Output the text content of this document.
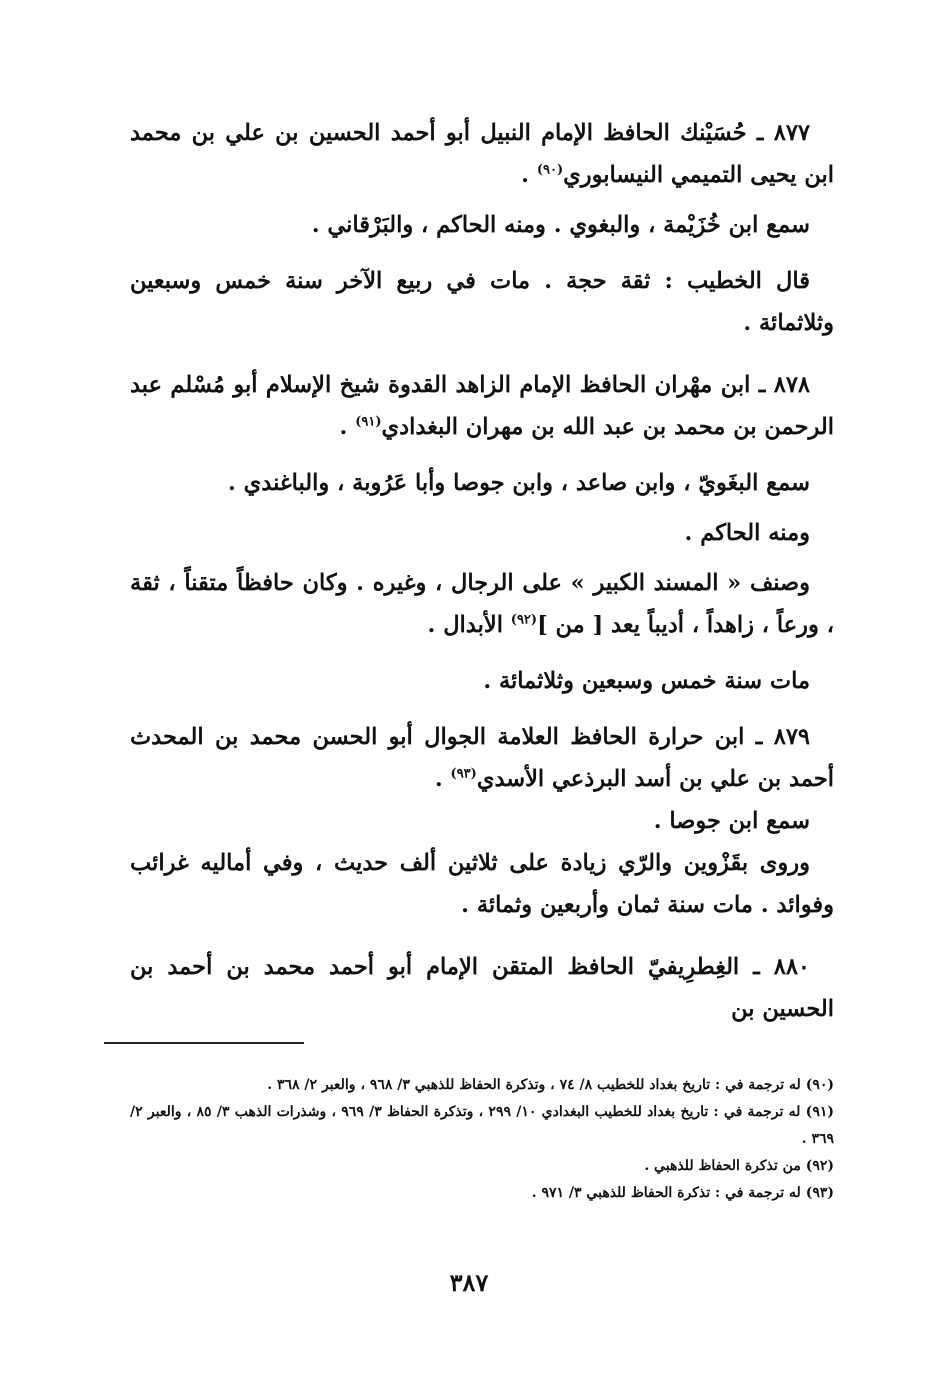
٨٧٧ ـ حُسَيْنك الحافظ الإمام النبيل أبو أحمد الحسين بن علي بن محمد ابن يحيى التميمي النيسابوري$^{(٩٠)}$ .

سمع ابن خُزَيْمة ، والبغوي . ومنه الحاكم ، والبَرْقاني .

قال الخطيب : ثقة حجة . مات في ربيع الآخر سنة خمس وسبعين وثلاثمائة .

٨٧٨ ـ ابن مهْران الحافظ الإمام الزاهد القدوة شيخ الإسلام أبو مُسْلم عبد الرحمن بن محمد بن عبد الله بن مهران البغدادي$^{(٩١)}$ .

سمع البغَويّ ، وابن صاعد ، وابن جوصا وأبا عَرُوبة ، والباغندي .

ومنه الحاكم .

وصنف « المسند الكبير » على الرجال ، وغيره . وكان حافظاً متقناً ، ثقة ، ورعاً ، زاهداً ، أديباً يعد [ من ]$^{(٩٢)}$ الأبدال .

مات سنة خمس وسبعين وثلاثمائة .

٨٧٩ ـ ابن حرارة الحافظ العلامة الجوال أبو الحسن محمد بن المحدث أحمد بن علي بن أسد البرذعي الأسدي$^{(٩٣)}$ .

سمع ابن جوصا .

وروى بقَزْوين والرّي زيادة على ثلاثين ألف حديث ، وفي أماليه غرائب وفوائد . مات سنة ثمان وأربعين وثمائة .

٨٨٠ ـ الغِطرِيفيّ الحافظ المتقن الإمام أبو أحمد محمد بن أحمد بن الحسين بن

(٩٠) له ترجمة في : تاريخ بغداد للخطيب ٨/ ٧٤ ، وتذكرة الحفاظ للذهبي ٣/ ٩٦٨ ، والعبر ٢/ ٣٦٨ .

(٩١) له ترجمة في : تاريخ بغداد للخطيب البغدادي ١٠/ ٢٩٩ ، وتذكرة الحفاظ ٣/ ٩٦٩ ، وشذرات الذهب ٣/ ٨٥ ، والعبر ٢/ ٣٦٩ .

(٩٢) من تذكرة الحفاظ للذهبي .

(٩٣) له ترجمة في : تذكرة الحفاظ للذهبي ٣/ ٩٧١ .

٣٨٧
